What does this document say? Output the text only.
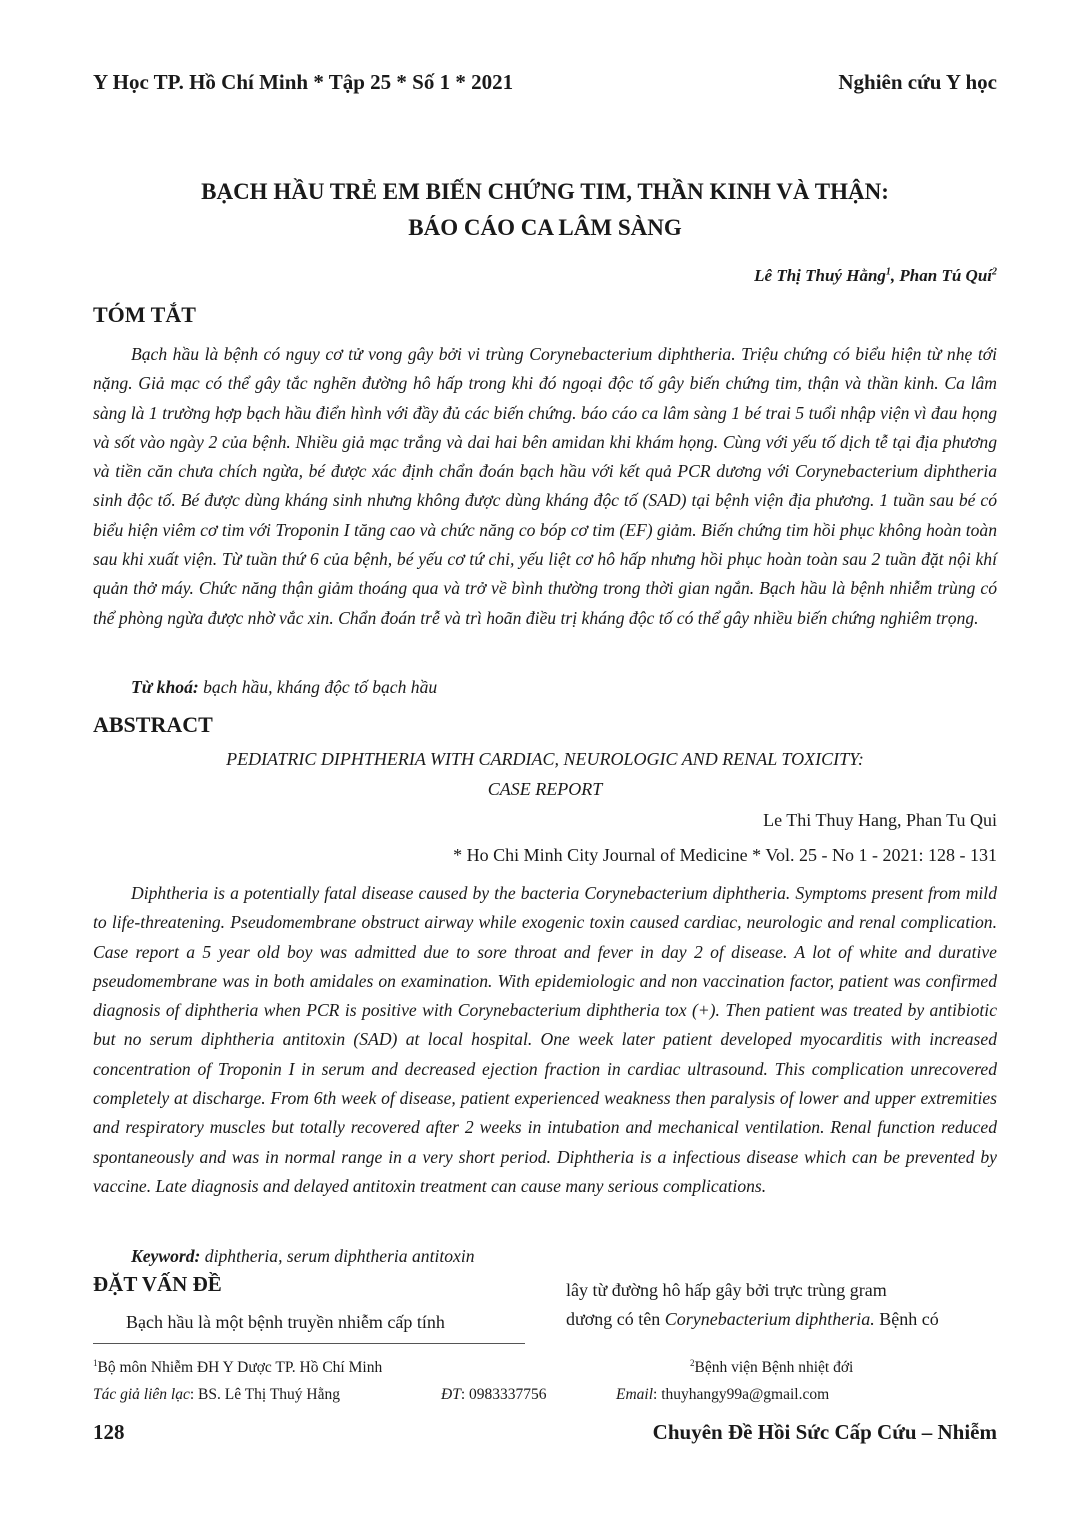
Y Học TP. Hồ Chí Minh * Tập 25 * Số 1 * 2021	Nghiên cứu Y học
BẠCH HẦU TRẺ EM BIẾN CHỨNG TIM, THẦN KINH VÀ THẬN:
BÁO CÁO CA LÂM SÀNG
Lê Thị Thuý Hằng$^1$, Phan Tú Quí$^2$
TÓM TẮT
Bạch hầu là bệnh có nguy cơ tử vong gây bởi vi trùng Corynebacterium diphtheria. Triệu chứng có biểu hiện từ nhẹ tới nặng. Giả mạc có thể gây tắc nghẽn đường hô hấp trong khi đó ngoại độc tố gây biến chứng tim, thận và thần kinh. Ca lâm sàng là 1 trường hợp bạch hầu điển hình với đầy đủ các biến chứng. báo cáo ca lâm sàng 1 bé trai 5 tuổi nhập viện vì đau họng và sốt vào ngày 2 của bệnh. Nhiều giả mạc trắng và dai hai bên amidan khi khám họng. Cùng với yếu tố dịch tễ tại địa phương và tiền căn chưa chích ngừa, bé được xác định chẩn đoán bạch hầu với kết quả PCR dương với Corynebacterium diphtheria sinh độc tố. Bé được dùng kháng sinh nhưng không được dùng kháng độc tố (SAD) tại bệnh viện địa phương. 1 tuần sau bé có biểu hiện viêm cơ tim với Troponin I tăng cao và chức năng co bóp cơ tim (EF) giảm. Biến chứng tim hồi phục không hoàn toàn sau khi xuất viện. Từ tuần thứ 6 của bệnh, bé yếu cơ tứ chi, yếu liệt cơ hô hấp nhưng hồi phục hoàn toàn sau 2 tuần đặt nội khí quản thở máy. Chức năng thận giảm thoáng qua và trở về bình thường trong thời gian ngắn. Bạch hầu là bệnh nhiễm trùng có thể phòng ngừa được nhờ vắc xin. Chẩn đoán trễ và trì hoãn điều trị kháng độc tố có thể gây nhiều biến chứng nghiêm trọng.
Từ khoá: bạch hầu, kháng độc tố bạch hầu
ABSTRACT
PEDIATRIC DIPHTHERIA WITH CARDIAC, NEUROLOGIC AND RENAL TOXICITY:
CASE REPORT
Le Thi Thuy Hang, Phan Tu Qui
* Ho Chi Minh City Journal of Medicine * Vol. 25 - No 1 - 2021: 128 - 131
Diphtheria is a potentially fatal disease caused by the bacteria Corynebacterium diphtheria. Symptoms present from mild to life-threatening. Pseudomembrane obstruct airway while exogenic toxin caused cardiac, neurologic and renal complication. Case report a 5 year old boy was admitted due to sore throat and fever in day 2 of disease. A lot of white and durative pseudomembrane was in both amidales on examination. With epidemiologic and non vaccination factor, patient was confirmed diagnosis of diphtheria when PCR is positive with Corynebacterium diphtheria tox (+). Then patient was treated by antibiotic but no serum diphtheria antitoxin (SAD) at local hospital. One week later patient developed myocarditis with increased concentration of Troponin I in serum and decreased ejection fraction in cardiac ultrasound. This complication unrecovered completely at discharge. From 6th week of disease, patient experienced weakness then paralysis of lower and upper extremities and respiratory muscles but totally recovered after 2 weeks in intubation and mechanical ventilation. Renal function reduced spontaneously and was in normal range in a very short period. Diphtheria is a infectious disease which can be prevented by vaccine. Late diagnosis and delayed antitoxin treatment can cause many serious complications.
Keyword: diphtheria, serum diphtheria antitoxin
ĐẶT VẤN ĐỀ
Bạch hầu là một bệnh truyền nhiễm cấp tính
lây từ đường hô hấp gây bởi trực trùng gram
dương có tên Corynebacterium diphtheria. Bệnh có
$^1$Bộ môn Nhiễm ĐH Y Dược TP. Hồ Chí Minh	$^2$Bệnh viện Bệnh nhiệt đới
Tác giả liên lạc: BS. Lê Thị Thuý Hằng	ĐT: 0983337756	Email: thuyhangy99a@gmail.com
128	Chuyên Đề Hồi Sức Cấp Cứu – Nhiễm
